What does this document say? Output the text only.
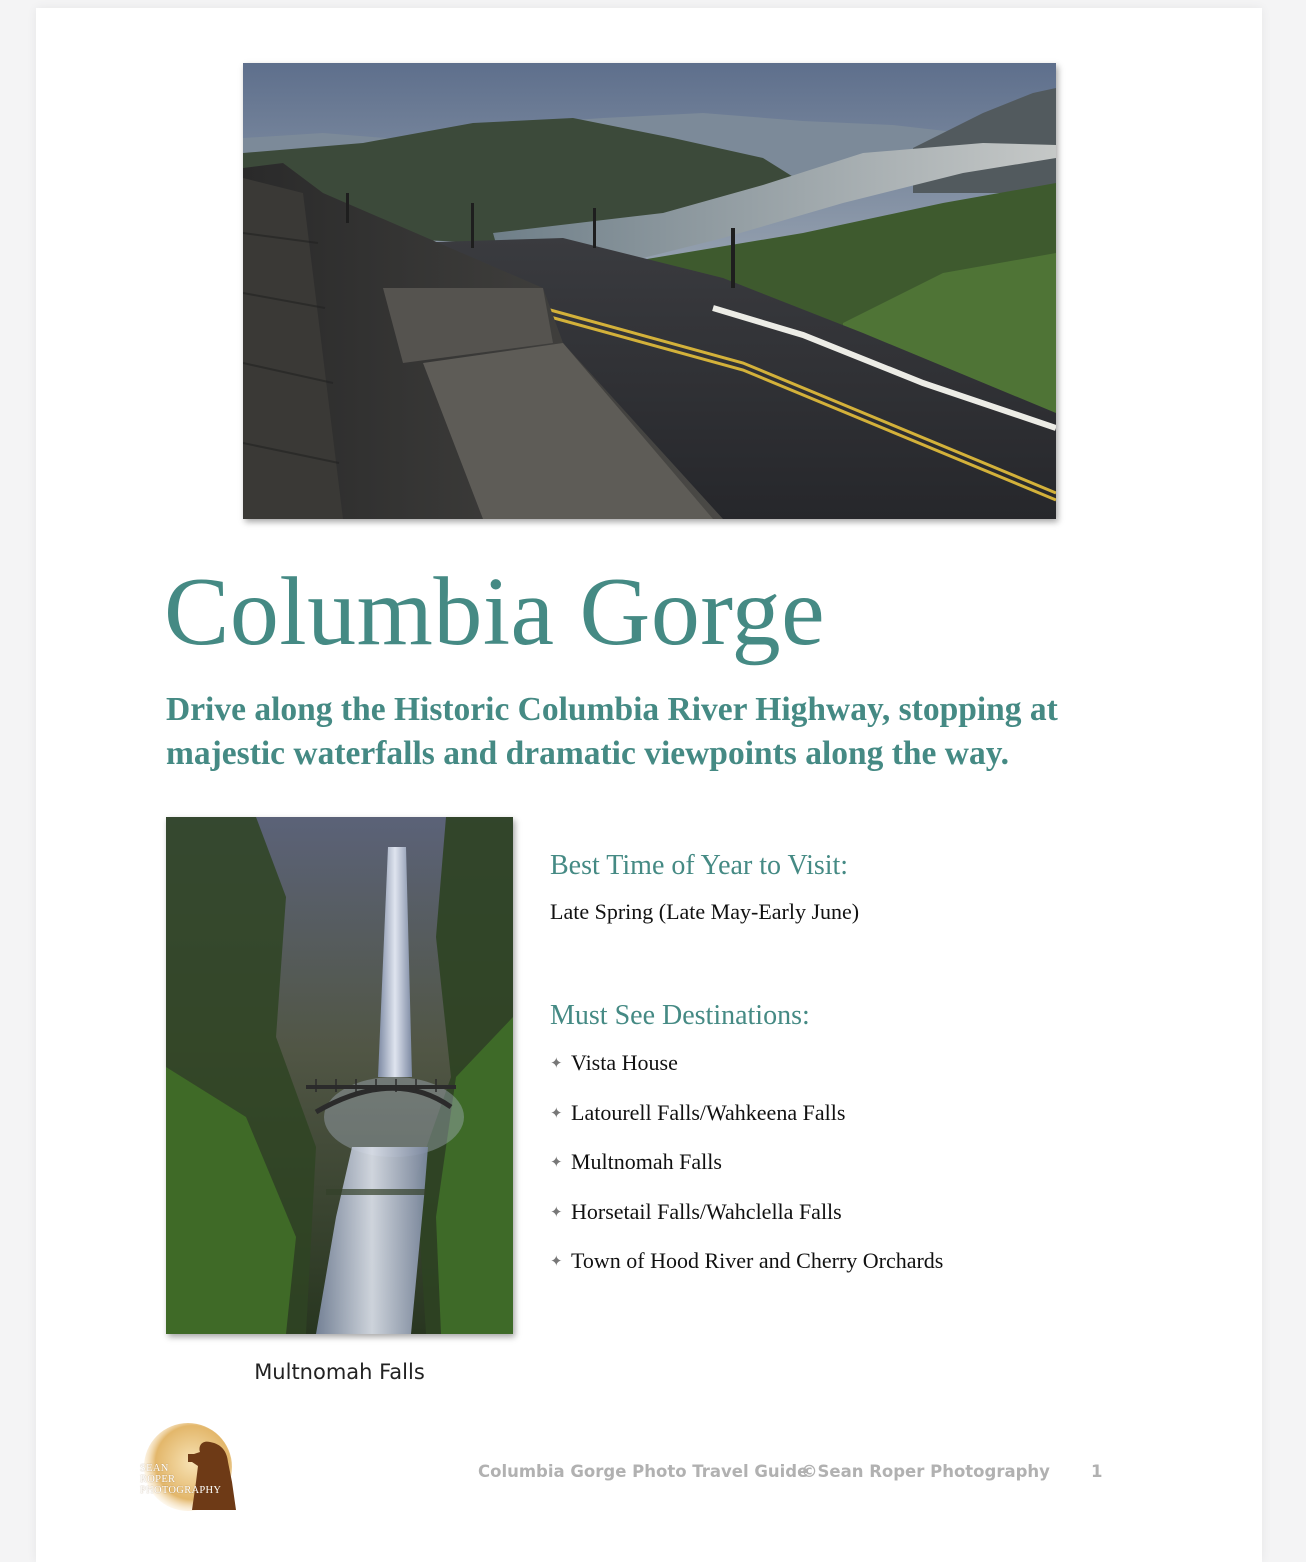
Columbia Gorge

Drive along the Historic Columbia River Highway, stopping at majestic waterfalls and dramatic viewpoints along the way.

Multnomah Falls
Best Time of Year to Visit:

Late Spring (Late May-Early June)

Must See Destinations:
✦ Vista House
✦ Latourell Falls/Wahkeena Falls
✦ Multnomah Falls
✦ Horsetail Falls/Wahclella Falls
✦ Town of Hood River and Cherry Orchards
SEAN
ROPER
PHOTOGRAPHY
Columbia Gorge Photo Travel Guide
©Sean Roper Photography 1
